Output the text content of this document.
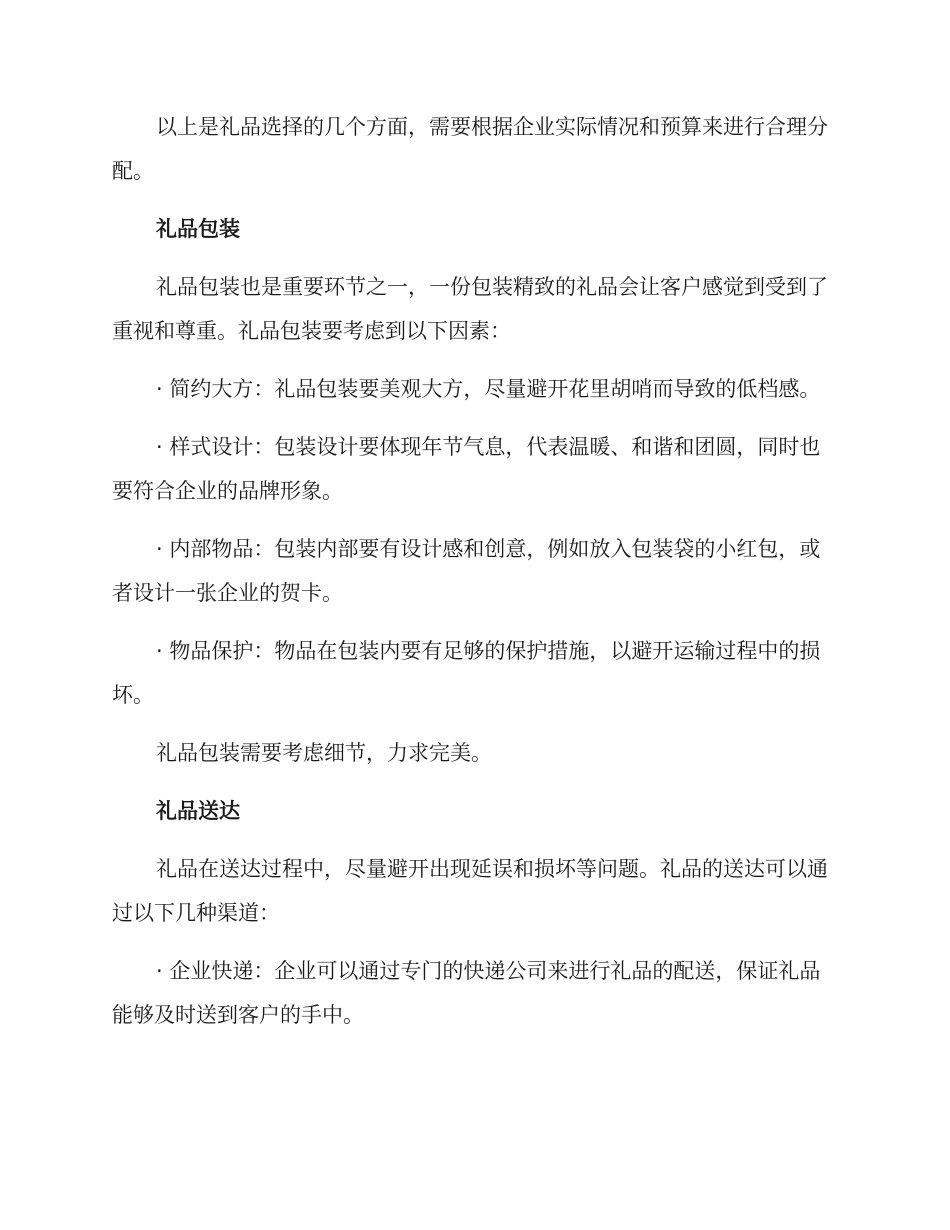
以上是礼品选择的几个方面，需要根据企业实际情况和预算来进行合理分配。

礼品包装

礼品包装也是重要环节之一，一份包装精致的礼品会让客户感觉到受到了重视和尊重。礼品包装要考虑到以下因素：

· 简约大方：礼品包装要美观大方，尽量避开花里胡哨而导致的低档感。

· 样式设计：包装设计要体现年节气息，代表温暖、和谐和团圆，同时也要符合企业的品牌形象。

· 内部物品：包装内部要有设计感和创意，例如放入包装袋的小红包，或者设计一张企业的贺卡。

· 物品保护：物品在包装内要有足够的保护措施，以避开运输过程中的损坏。

礼品包装需要考虑细节，力求完美。

礼品送达

礼品在送达过程中，尽量避开出现延误和损坏等问题。礼品的送达可以通过以下几种渠道：

· 企业快递：企业可以通过专门的快递公司来进行礼品的配送，保证礼品能够及时送到客户的手中。
